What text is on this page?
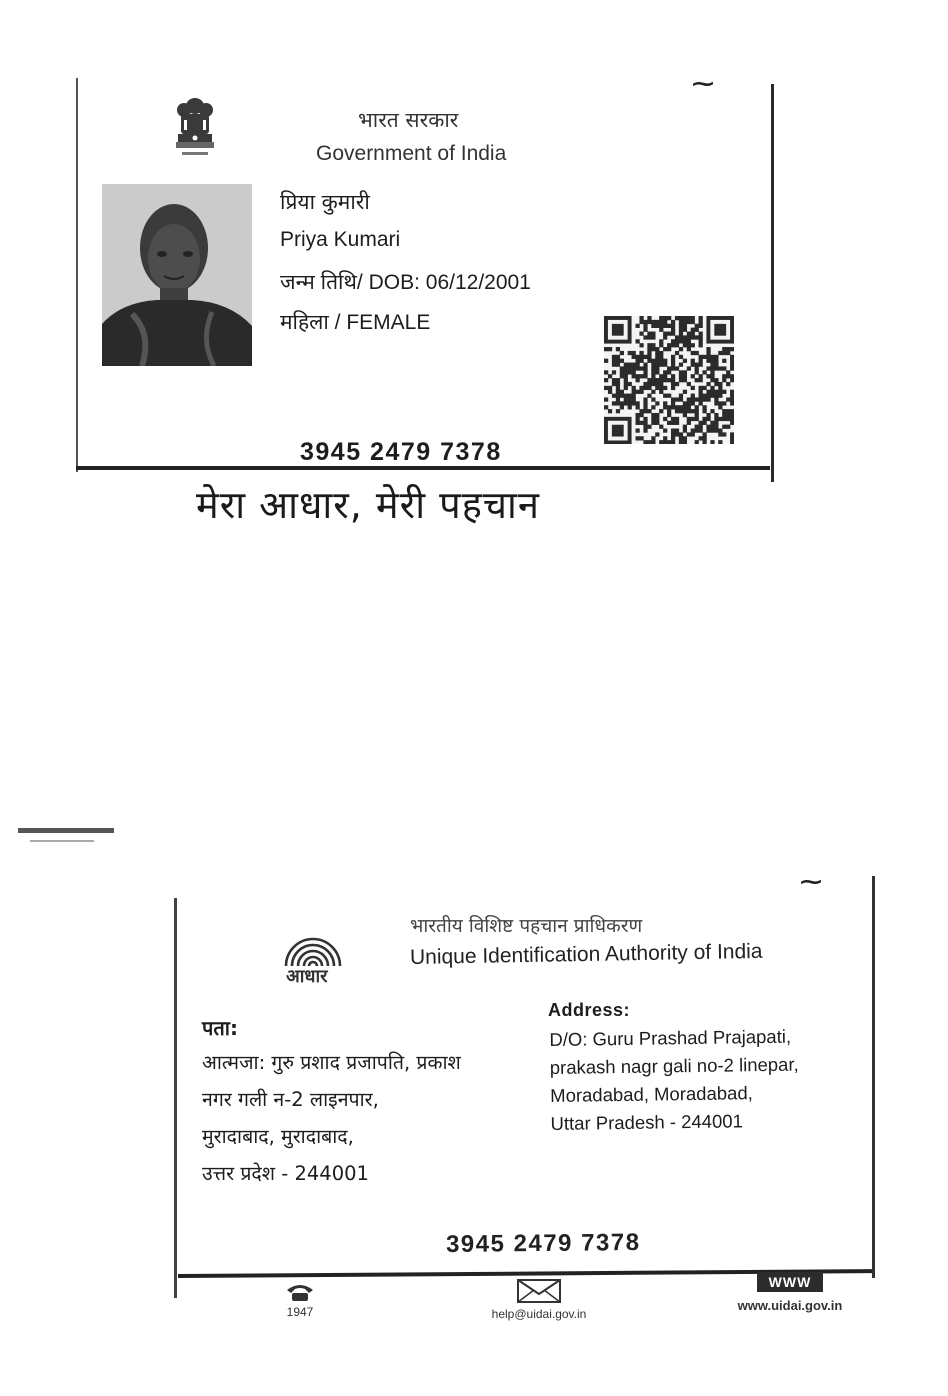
⁓
भारत सरकार
Government of India
प्रिया कुमारी
Priya Kumari
जन्म तिथि/ DOB: 06/12/2001
महिला / FEMALE
3945 2479 7378
मेरा आधार, मेरी पहचान
⁓
आधार
भारतीय विशिष्ट पहचान प्राधिकरण
Unique Identification Authority of India
पता:
आत्मजा: गुरु प्रशाद प्रजापति, प्रकाश
नगर गली न-2 लाइनपार,
मुरादाबाद, मुरादाबाद,
उत्तर प्रदेश - 244001
Address:
D/O: Guru Prashad Prajapati,
prakash nagr gali no-2 linepar,
Moradabad, Moradabad,
Uttar Pradesh - 244001
3945 2479 7378
1947	help@uidai.gov.in
WWW
www.uidai.gov.in
